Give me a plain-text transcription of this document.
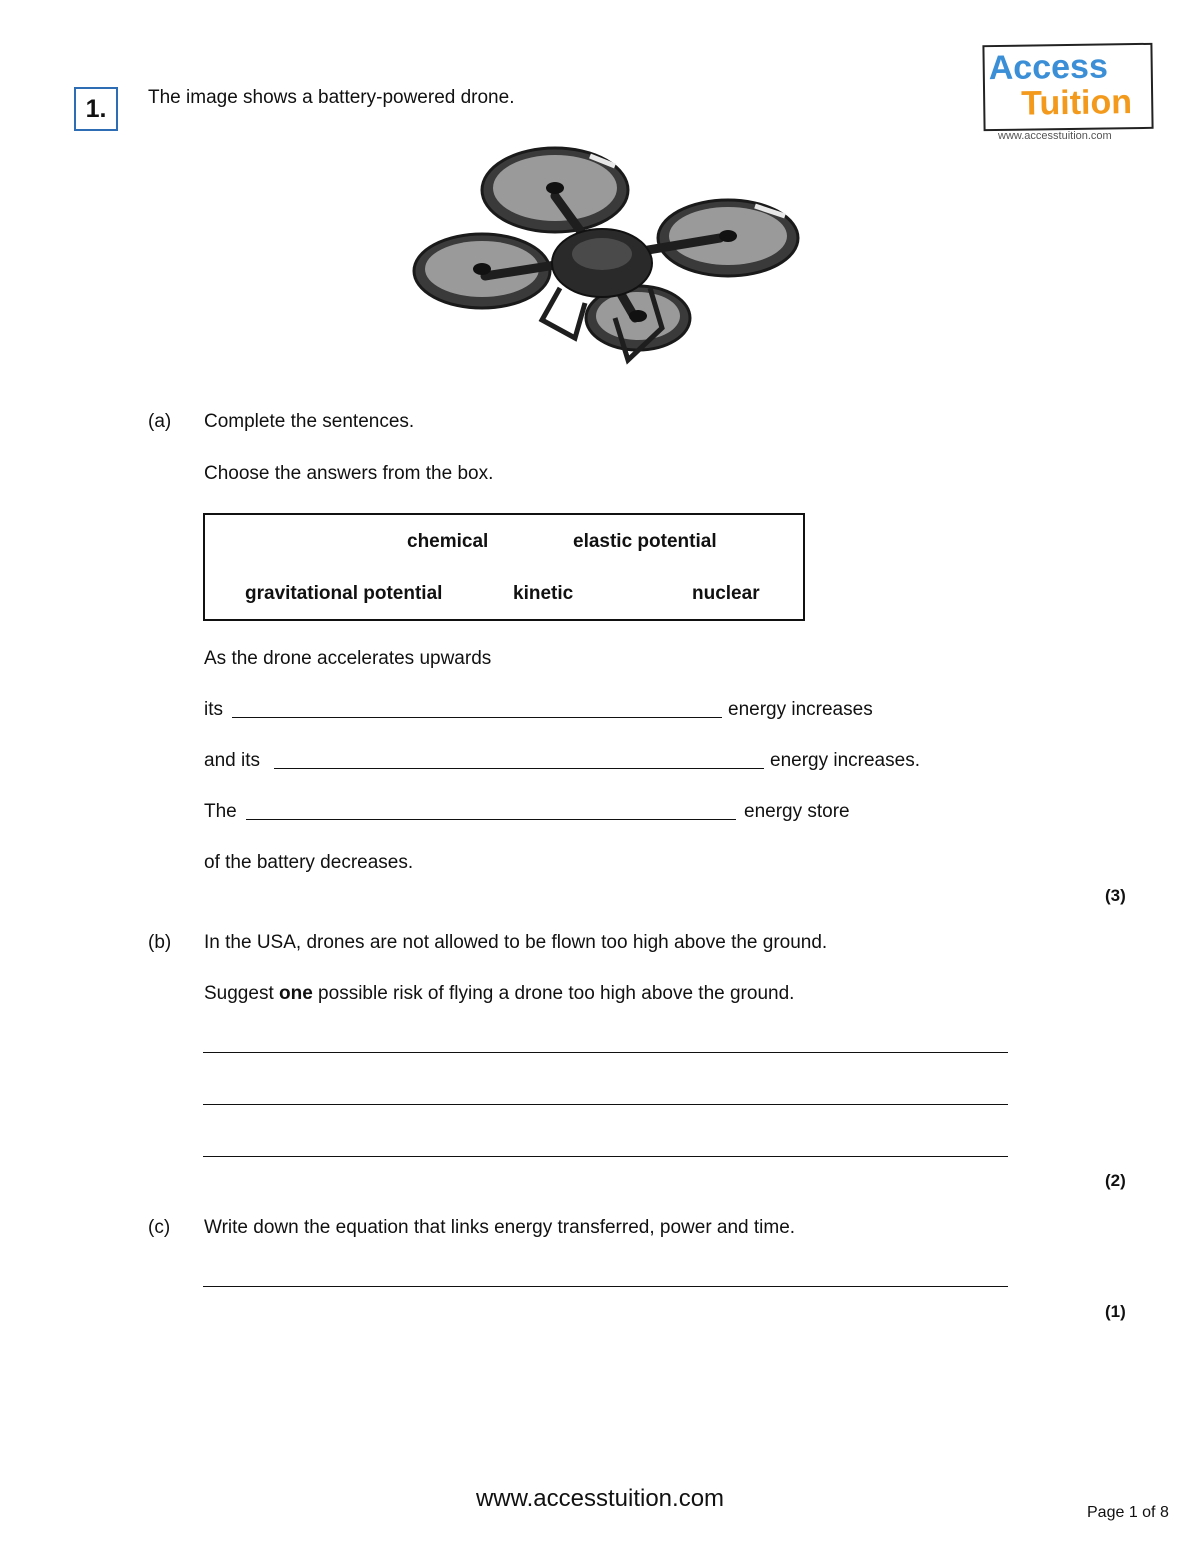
1.	The image shows a battery-powered drone.
Access
Tuition
www.accesstuition.com
(a) Complete the sentences.
Choose the answers from the box.
chemical	elastic potential
gravitational potential	kinetic	nuclear
As the drone accelerates upwards
its	energy increases
and its	energy increases.
The	energy store
of the battery decreases.
(3)
(b) In the USA, drones are not allowed to be flown too high above the ground.
Suggest one possible risk of flying a drone too high above the ground.
(2)
(c) Write down the equation that links energy transferred, power and time.
(1)
www.accesstuition.com
Page 1 of 8
